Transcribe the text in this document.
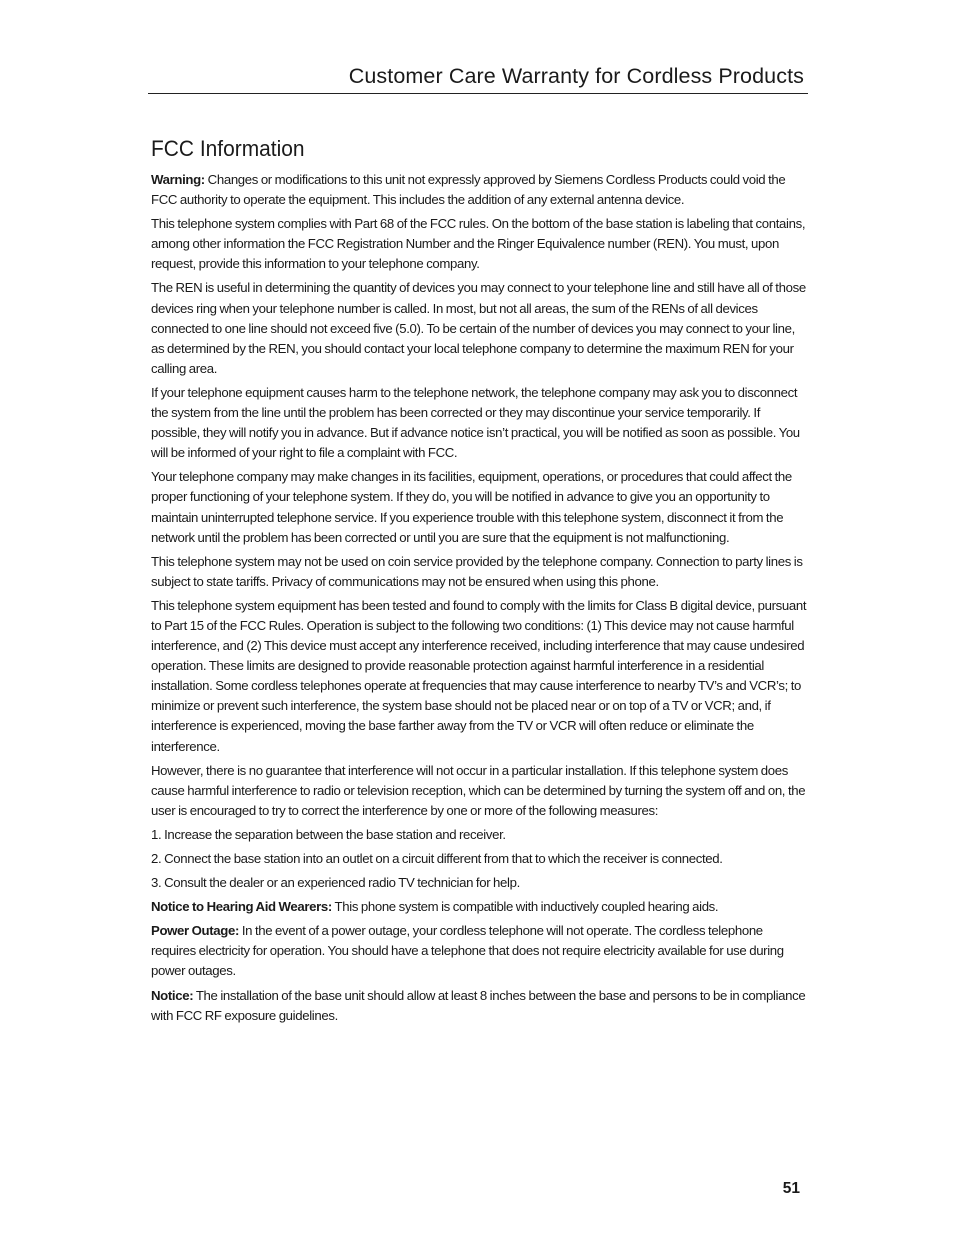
Customer Care Warranty for Cordless Products
FCC Information

Warning: Changes or modifications to this unit not expressly approved by Siemens Cordless Products could void the FCC authority to operate the equipment. This includes the addition of any external antenna device.

This telephone system complies with Part 68 of the FCC rules. On the bottom of the base station is labeling that contains, among other information the FCC Registration Number and the Ringer Equivalence number (REN). You must, upon request, provide this information to your telephone company.

The REN is useful in determining the quantity of devices you may connect to your telephone line and still have all of those devices ring when your telephone number is called. In most, but not all areas, the sum of the RENs of all devices connected to one line should not exceed five (5.0). To be certain of the number of devices you may connect to your line, as determined by the REN, you should contact your local telephone company to determine the maximum REN for your calling area.

If your telephone equipment causes harm to the telephone network, the telephone company may ask you to disconnect the system from the line until the problem has been corrected or they may discontinue your service temporarily. If possible, they will notify you in advance. But if advance notice isn’t practical, you will be notified as soon as possible. You will be informed of your right to file a complaint with FCC.

Your telephone company may make changes in its facilities, equipment, operations, or procedures that could affect the proper functioning of your telephone system. If they do, you will be notified in advance to give you an opportunity to maintain uninterrupted telephone service. If you experience trouble with this telephone system, disconnect it from the network until the problem has been corrected or until you are sure that the equipment is not malfunctioning.

This telephone system may not be used on coin service provided by the telephone company. Connection to party lines is subject to state tariffs. Privacy of communications may not be ensured when using this phone.

This telephone system equipment has been tested and found to comply with the limits for Class B digital device, pursuant to Part 15 of the FCC Rules. Operation is subject to the following two conditions: (1) This device may not cause harmful interference, and (2) This device must accept any interference received, including interference that may cause undesired operation. These limits are designed to provide reasonable protection against harmful interference in a residential installation. Some cordless telephones operate at frequencies that may cause interference to nearby TV’s and VCR’s; to minimize or prevent such interference, the system base should not be placed near or on top of a TV or VCR; and, if interference is experienced, moving the base farther away from the TV or VCR will often reduce or eliminate the interference.

However, there is no guarantee that interference will not occur in a particular installation. If this telephone system does cause harmful interference to radio or television reception, which can be determined by turning the system off and on, the user is encouraged to try to correct the interference by one or more of the following measures:

1. Increase the separation between the base station and receiver.

2. Connect the base station into an outlet on a circuit different from that to which the receiver is connected.

3. Consult the dealer or an experienced radio TV technician for help.

Notice to Hearing Aid Wearers: This phone system is compatible with inductively coupled hearing aids.

Power Outage: In the event of a power outage, your cordless telephone will not operate. The cordless telephone requires electricity for operation. You should have a telephone that does not require electricity available for use during power outages.

Notice: The installation of the base unit should allow at least 8 inches between the base and persons to be in compliance with FCC RF exposure guidelines.

51
